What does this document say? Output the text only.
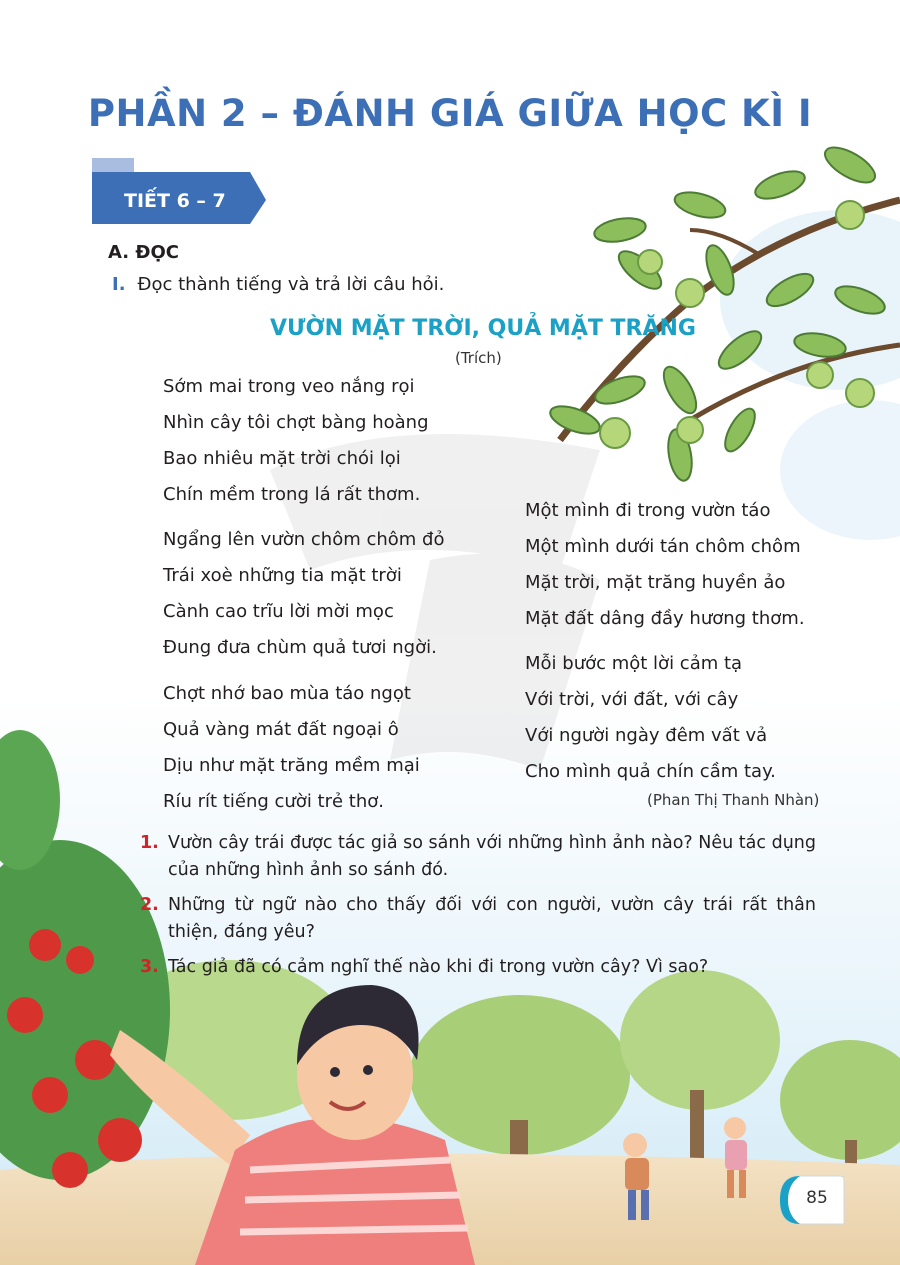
PHẦN 2 – ĐÁNH GIÁ GIỮA HỌC KÌ I
TIẾT 6 – 7
A. ĐỌC
I. Đọc thành tiếng và trả lời câu hỏi.
VƯỜN MẶT TRỜI, QUẢ MẶT TRĂNG
(Trích)
Sớm mai trong veo nắng rọi
Nhìn cây tôi chợt bàng hoàng
Bao nhiêu mặt trời chói lọi
Chín mềm trong lá rất thơm.
Ngẩng lên vườn chôm chôm đỏ
Trái xoè những tia mặt trời
Cành cao trĩu lời mời mọc
Đung đưa chùm quả tươi ngời.
Chợt nhớ bao mùa táo ngọt
Quả vàng mát đất ngoại ô
Dịu như mặt trăng mềm mại
Ríu rít tiếng cười trẻ thơ.
Một mình đi trong vườn táo
Một mình dưới tán chôm chôm
Mặt trời, mặt trăng huyền ảo
Mặt đất dâng đầy hương thơm.
Mỗi bước một lời cảm tạ
Với trời, với đất, với cây
Với người ngày đêm vất vả
Cho mình quả chín cầm tay.
(Phan Thị Thanh Nhàn)
1. Vườn cây trái được tác giả so sánh với những hình ảnh nào? Nêu tác dụng của những hình ảnh so sánh đó.
2. Những từ ngữ nào cho thấy đối với con người, vườn cây trái rất thân thiện, đáng yêu?
3. Tác giả đã có cảm nghĩ thế nào khi đi trong vườn cây? Vì sao?
85
